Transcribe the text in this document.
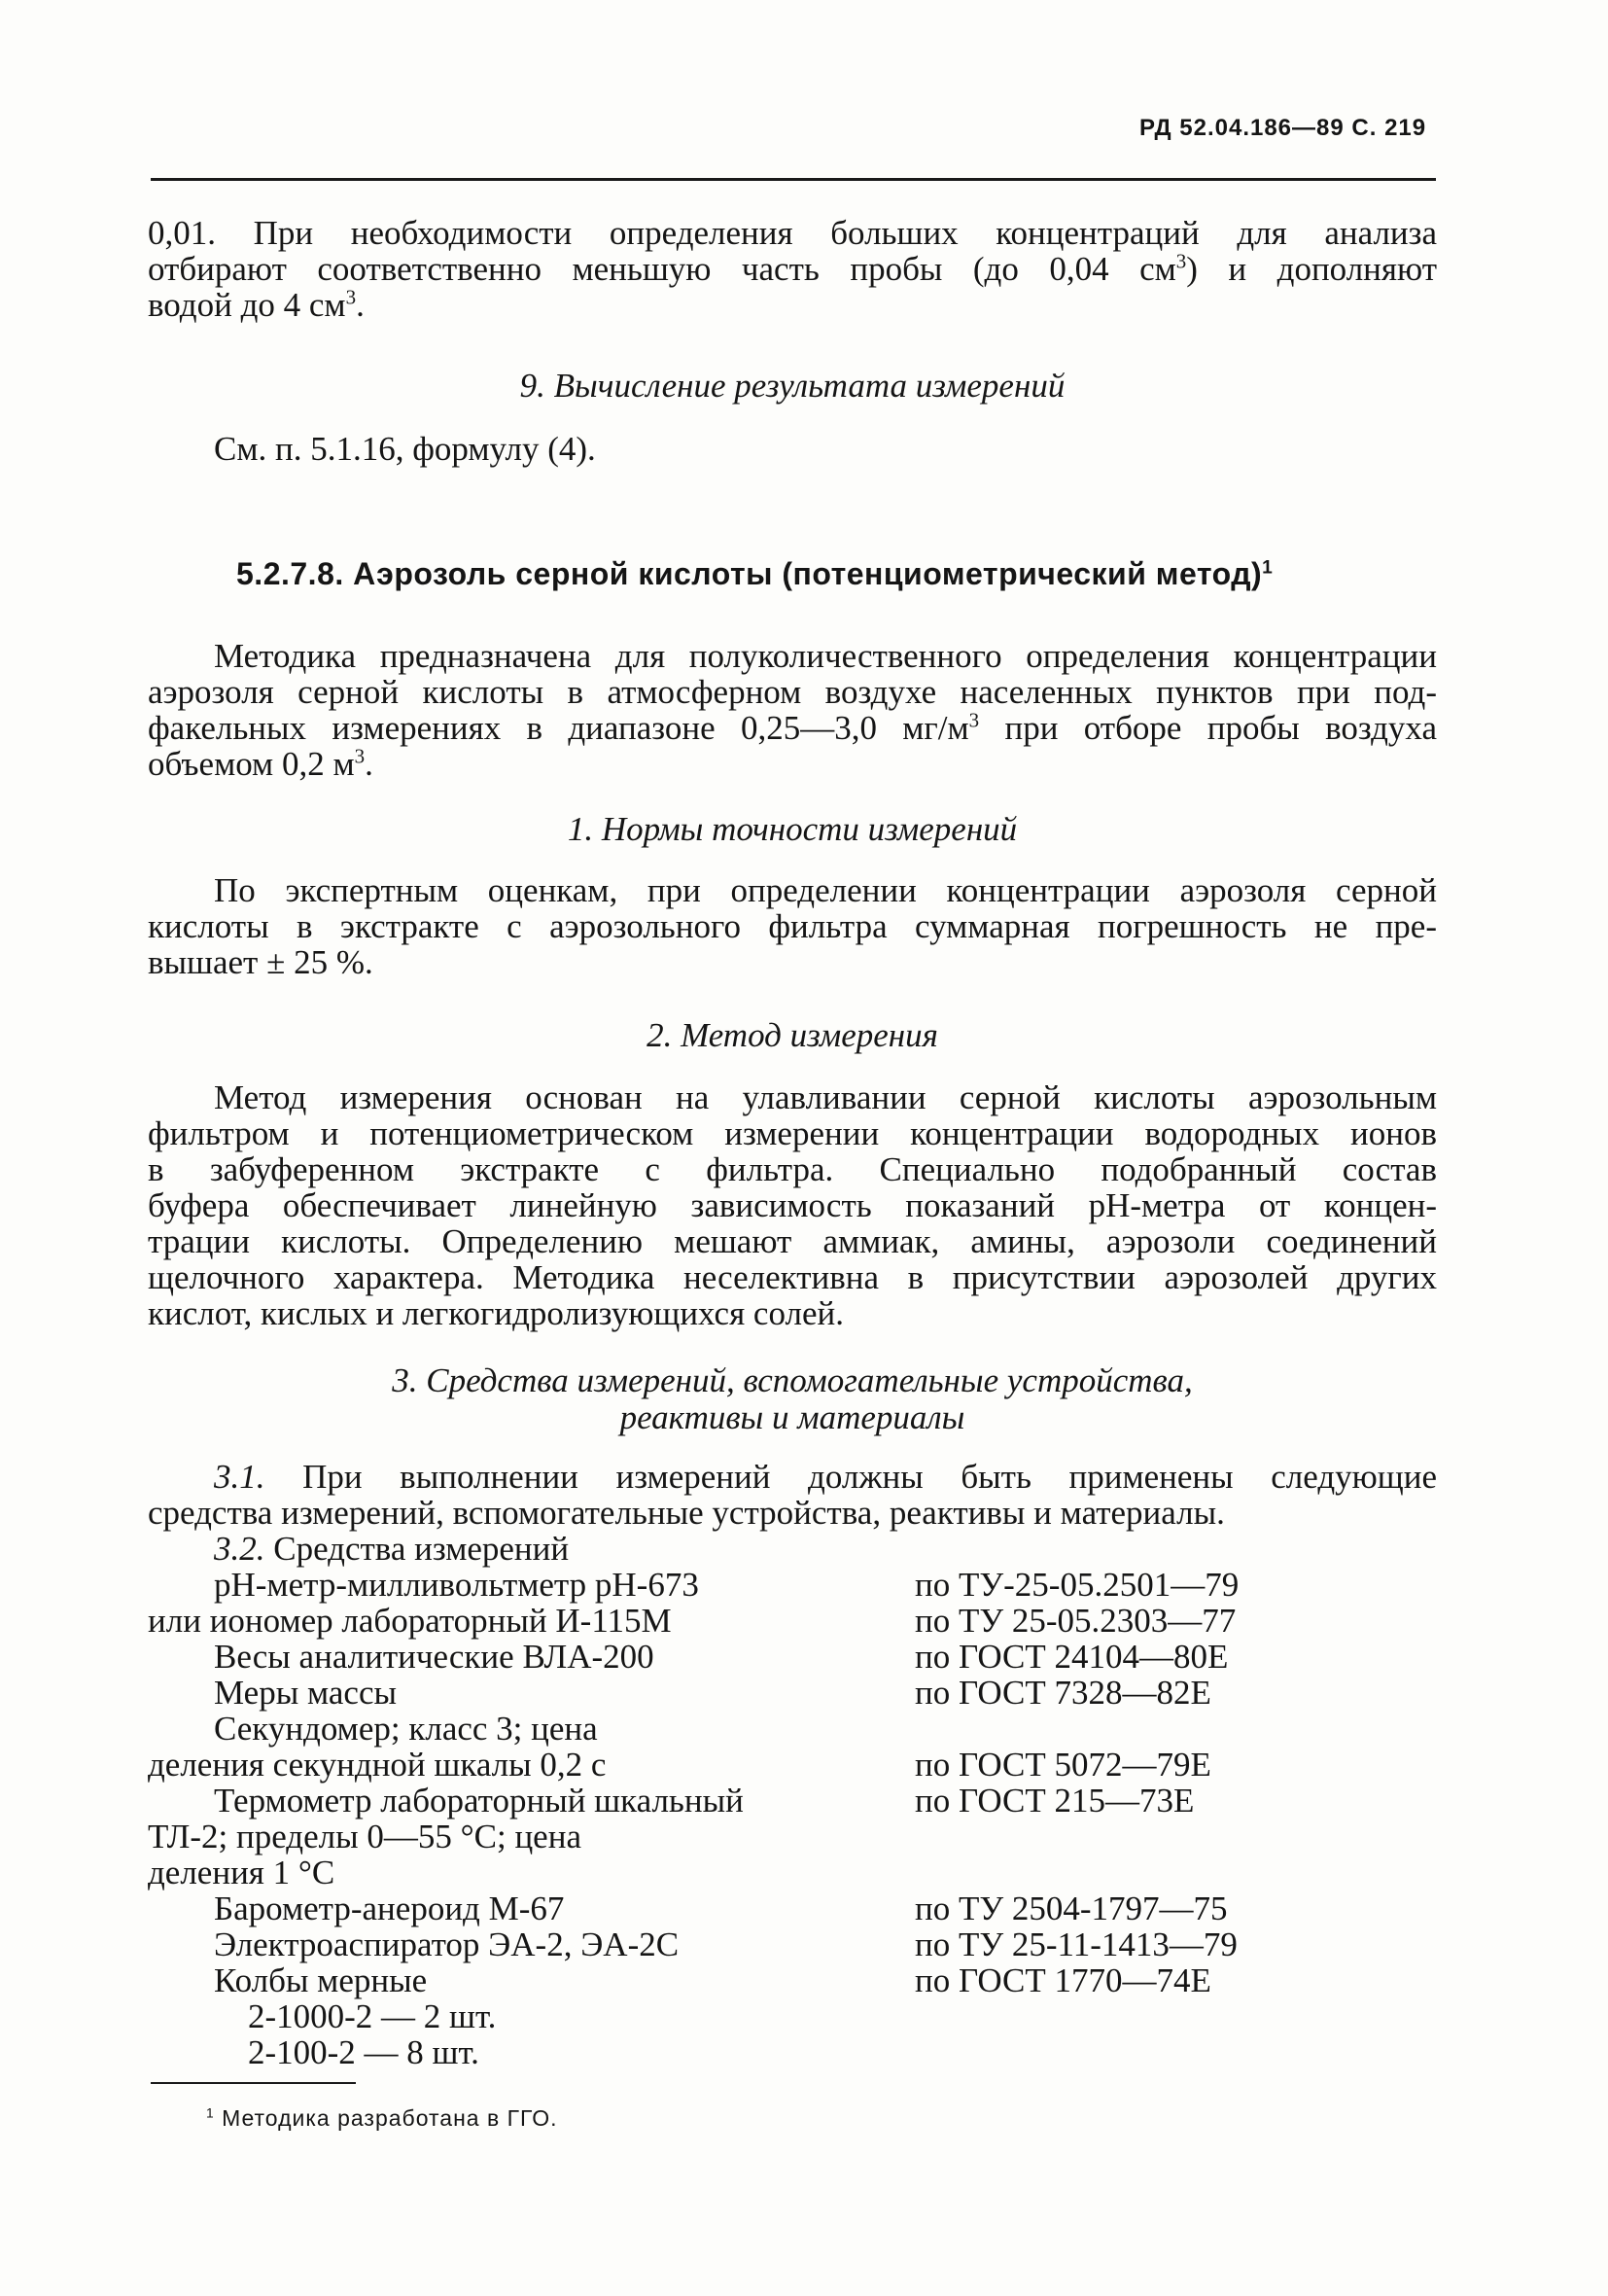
РД 52.04.186—89 С. 219
0,01. При необходимости определения больших концентраций для анализа
отбирают соответственно меньшую часть пробы (до 0,04 $см^3$) и дополняют
водой до 4 $см^3$.
9. Вычисление результата измерений
См. п. 5.1.16, формулу (4).
5.2.7.8. Аэрозоль серной кислоты (потенциометрический метод)$^1$
Методика предназначена для полуколичественного определения концентрации
аэрозоля серной кислоты в атмосферном воздухе населенных пунктов при под-
факельных измерениях в диапазоне 0,25—3,0 $мг/м^3$ при отборе пробы воздуха
объемом 0,2 $м^3$.
1. Нормы точности измерений
По экспертным оценкам, при определении концентрации аэрозоля серной
кислоты в экстракте с аэрозольного фильтра суммарная погрешность не пре-
вышает ± 25 %.
2. Метод измерения
Метод измерения основан на улавливании серной кислоты аэрозольным
фильтром и потенциометрическом измерении концентрации водородных ионов
в забуференном экстракте с фильтра. Специально подобранный состав
буфера обеспечивает линейную зависимость показаний pH-метра от концен-
трации кислоты. Определению мешают аммиак, амины, аэрозоли соединений
щелочного характера. Методика неселективна в присутствии аэрозолей других
кислот, кислых и легкогидролизующихся солей.
3. Средства измерений, вспомогательные устройства,
реактивы и материалы
3.1. При выполнении измерений должны быть применены следующие
средства измерений, вспомогательные устройства, реактивы и материалы.
3.2. Средства измерений
pH-метр-милливольтметр pH-673	по ТУ-25-05.2501—79
или иономер лабораторный И-115М	по ТУ 25-05.2303—77
Весы аналитические ВЛА-200	по ГОСТ 24104—80Е
Меры массы	по ГОСТ 7328—82Е
Секундомер; класс 3; цена
деления секундной шкалы 0,2 с	по ГОСТ 5072—79Е
Термометр лабораторный шкальный	по ГОСТ 215—73Е
ТЛ-2; пределы 0—55 °С; цена
деления 1 °С
Барометр-анероид М-67	по ТУ 2504-1797—75
Электроаспиратор ЭА-2, ЭА-2С	по ТУ 25-11-1413—79
Колбы мерные	по ГОСТ 1770—74Е
2-1000-2 — 2 шт.
2-100-2 — 8 шт.
$^1$ Методика разработана в ГГО.
